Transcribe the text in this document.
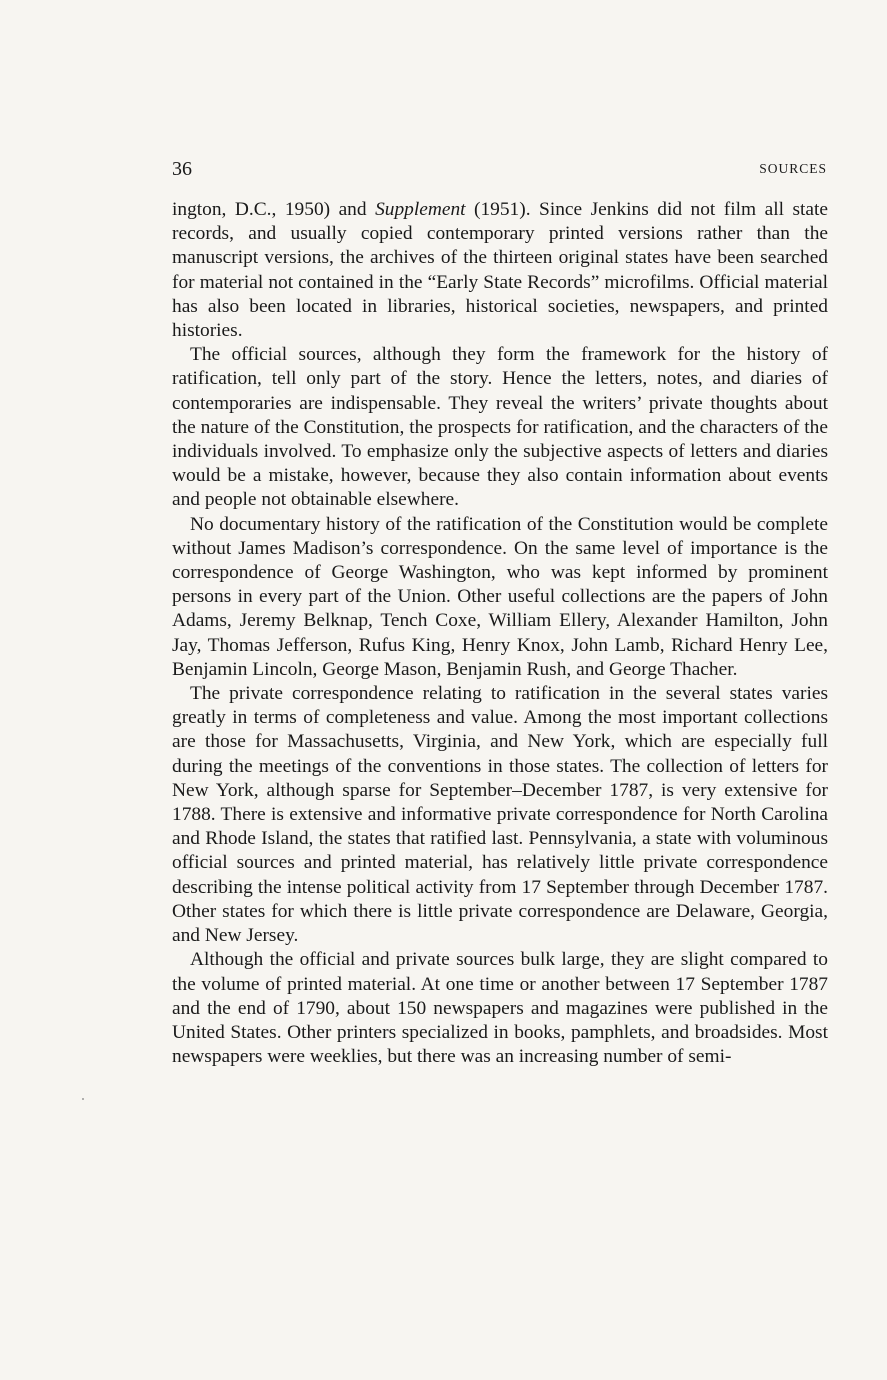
36	SOURCES

ington, D.C., 1950) and Supplement (1951). Since Jenkins did not film all state records, and usually copied contemporary printed versions rather than the manuscript versions, the archives of the thirteen original states have been searched for material not contained in the “Early State Records” microfilms. Official material has also been located in libraries, historical societies, newspapers, and printed histories.

The official sources, although they form the framework for the history of ratification, tell only part of the story. Hence the letters, notes, and diaries of contemporaries are indispensable. They reveal the writers’ private thoughts about the nature of the Constitution, the prospects for ratification, and the characters of the individuals involved. To emphasize only the subjective aspects of letters and diaries would be a mistake, however, because they also contain information about events and people not obtainable elsewhere.

No documentary history of the ratification of the Constitution would be complete without James Madison’s correspondence. On the same level of importance is the correspondence of George Washington, who was kept informed by prominent persons in every part of the Union. Other useful collections are the papers of John Adams, Jeremy Belknap, Tench Coxe, William Ellery, Alexander Hamilton, John Jay, Thomas Jefferson, Rufus King, Henry Knox, John Lamb, Richard Henry Lee, Benjamin Lincoln, George Mason, Benjamin Rush, and George Thacher.

The private correspondence relating to ratification in the several states varies greatly in terms of completeness and value. Among the most important collections are those for Massachusetts, Virginia, and New York, which are especially full during the meetings of the conventions in those states. The collection of letters for New York, although sparse for September–December 1787, is very extensive for 1788. There is extensive and informative private correspondence for North Carolina and Rhode Island, the states that ratified last. Pennsylvania, a state with voluminous official sources and printed material, has relatively little private correspondence describing the intense political activity from 17 September through December 1787. Other states for which there is little private correspondence are Delaware, Georgia, and New Jersey.

Although the official and private sources bulk large, they are slight compared to the volume of printed material. At one time or another between 17 September 1787 and the end of 1790, about 150 newspapers and magazines were published in the United States. Other printers specialized in books, pamphlets, and broadsides. Most newspapers were weeklies, but there was an increasing number of semi-
